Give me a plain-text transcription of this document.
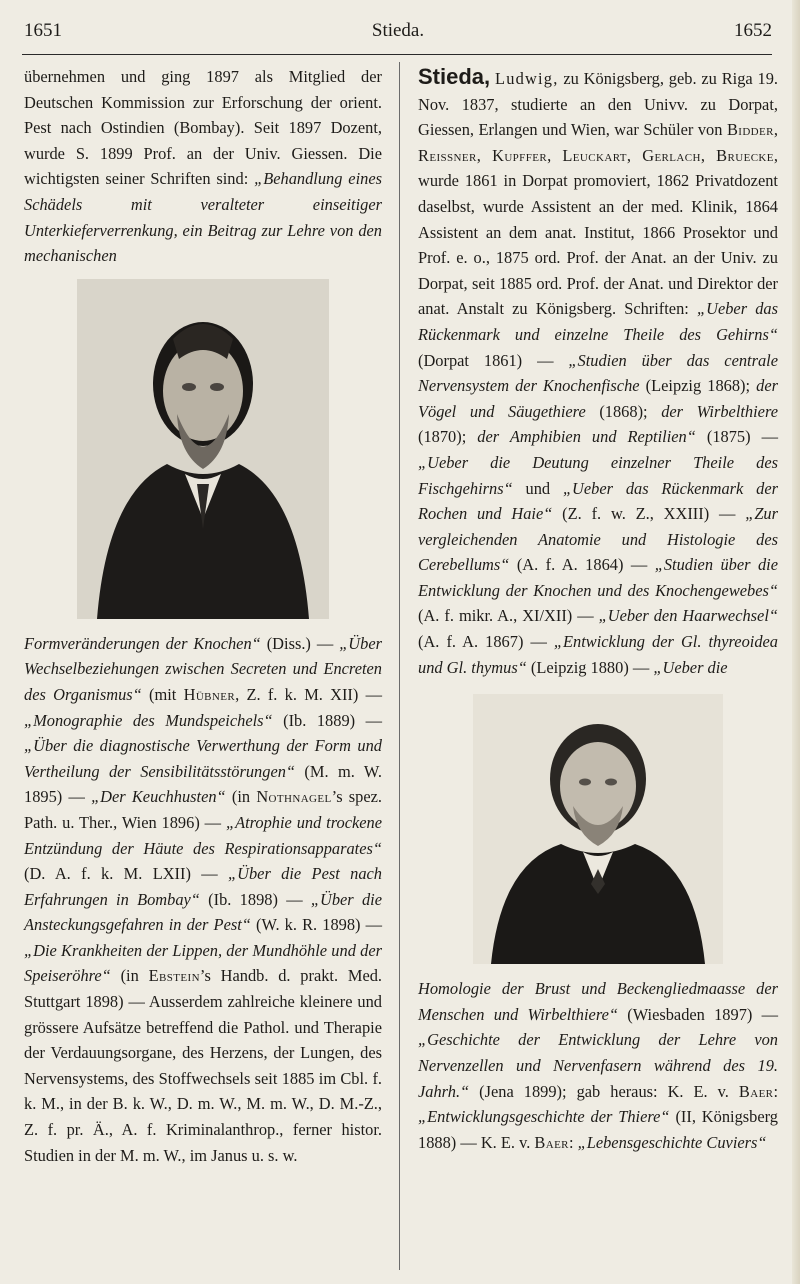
1651	Stieda.	1652

übernehmen und ging 1897 als Mitglied der Deutschen Kommission zur Erforschung der orient. Pest nach Ostindien (Bombay). Seit 1897 Dozent, wurde S. 1899 Prof. an der Univ. Giessen. Die wichtigsten seiner Schriften sind: „Behandlung eines Schädels mit veralteter einseitiger Unterkieferverrenkung, ein Beitrag zur Lehre von den mechanischen

Formveränderungen der Knochen“ (Diss.) — „Über Wechselbeziehungen zwischen Secreten und Encreten des Organismus“ (mit Hübner, Z. f. k. M. XII) — „Monographie des Mundspeichels“ (Ib. 1889) — „Über die diagnostische Verwerthung der Form und Vertheilung der Sensibilitätsstörungen“ (M. m. W. 1895) — „Der Keuchhusten“ (in Nothnagel’s spez. Path. u. Ther., Wien 1896) — „Atrophie und trockene Entzündung der Häute des Respirationsapparates“ (D. A. f. k. M. LXII) — „Über die Pest nach Erfahrungen in Bombay“ (Ib. 1898) — „Über die Ansteckungsgefahren in der Pest“ (W. k. R. 1898) — „Die Krankheiten der Lippen, der Mundhöhle und der Speiseröhre“ (in Ebstein’s Handb. d. prakt. Med. Stuttgart 1898) — Ausserdem zahlreiche kleinere und grössere Aufsätze betreffend die Pathol. und Therapie der Verdauungsorgane, des Herzens, der Lungen, des Nervensystems, des Stoffwechsels seit 1885 im Cbl. f. k. M., in der B. k. W., D. m. W., M. m. W., D. M.-Z., Z. f. pr. Ä., A. f. Kriminalanthrop., ferner histor. Studien in der M. m. W., im Janus u. s. w.

Stieda, Ludwig, zu Königsberg, geb. zu Riga 19. Nov. 1837, studierte an den Univv. zu Dorpat, Giessen, Erlangen und Wien, war Schüler von Bidder, Reissner, Kupffer, Leuckart, Gerlach, Bruecke, wurde 1861 in Dorpat promoviert, 1862 Privatdozent daselbst, wurde Assistent an der med. Klinik, 1864 Assistent an dem anat. Institut, 1866 Prosektor und Prof. e. o., 1875 ord. Prof. der Anat. an der Univ. zu Dorpat, seit 1885 ord. Prof. der Anat. und Direktor der anat. Anstalt zu Königsberg. Schriften: „Ueber das Rückenmark und einzelne Theile des Gehirns“ (Dorpat 1861) — „Studien über das centrale Nervensystem der Knochenfische (Leipzig 1868); der Vögel und Säugethiere (1868); der Wirbelthiere (1870); der Amphibien und Reptilien“ (1875) — „Ueber die Deutung einzelner Theile des Fischgehirns“ und „Ueber das Rückenmark der Rochen und Haie“ (Z. f. w. Z., XXIII) — „Zur vergleichenden Anatomie und Histologie des Cerebellums“ (A. f. A. 1864) — „Studien über die Entwicklung der Knochen und des Knochengewebes“ (A. f. mikr. A., XI/XII) — „Ueber den Haarwechsel“ (A. f. A. 1867) — „Entwicklung der Gl. thyreoidea und Gl. thymus“ (Leipzig 1880) — „Ueber die

Homologie der Brust und Beckengliedmaasse der Menschen und Wirbelthiere“ (Wiesbaden 1897) — „Geschichte der Entwicklung der Lehre von Nervenzellen und Nervenfasern während des 19. Jahrh.“ (Jena 1899); gab heraus: K. E. v. Baer: „Entwicklungsgeschichte der Thiere“ (II, Königsberg 1888) — K. E. v. Baer: „Lebensgeschichte Cuviers“
